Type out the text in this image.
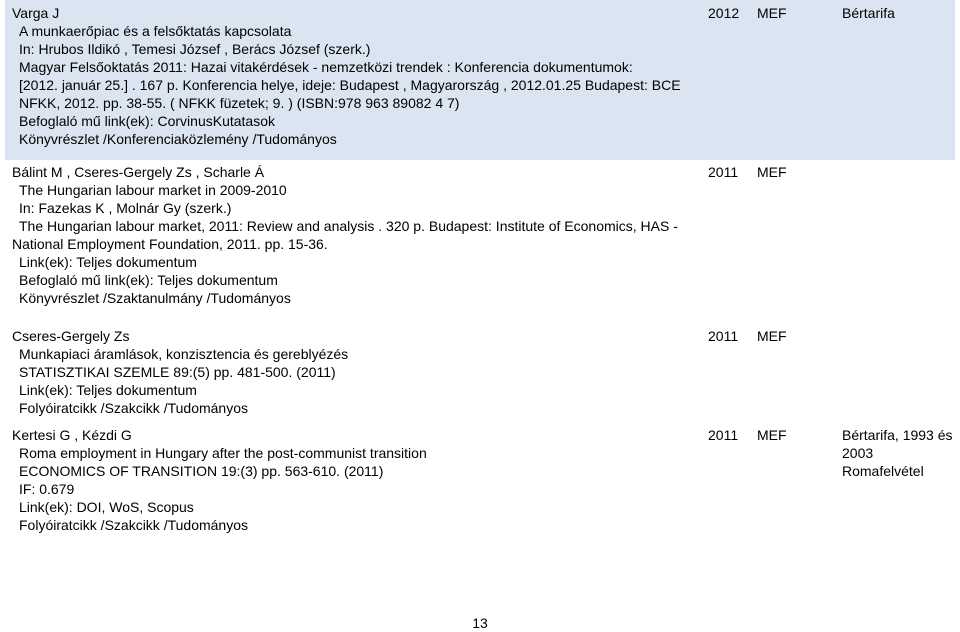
Varga J
A munkaerőpiac és a felsőktatás kapcsolata
In: Hrubos Ildikó , Temesi József , Berács József (szerk.)
Magyar Felsőoktatás 2011: Hazai vitakérdések - nemzetközi trendek : Konferencia dokumentumok:
[2012. január 25.] . 167 p. Konferencia helye, ideje: Budapest , Magyarország , 2012.01.25 Budapest: BCE
NFKK, 2012. pp. 38-55. ( NFKK füzetek; 9. ) (ISBN:978 963 89082 4 7)
Befoglaló mű link(ek): CorvinusKutatasok
Könyvrészlet /Konferenciaközlemény /Tudományos
2012 MEF	Bértarifa
Bálint M , Cseres-Gergely Zs , Scharle Á
The Hungarian labour market in 2009-2010
In: Fazekas K , Molnár Gy (szerk.)
The Hungarian labour market, 2011: Review and analysis . 320 p. Budapest: Institute of Economics, HAS -
National Employment Foundation, 2011. pp. 15-36.
Link(ek): Teljes dokumentum
Befoglaló mű link(ek): Teljes dokumentum
Könyvrészlet /Szaktanulmány /Tudományos
2011 MEF
Cseres-Gergely Zs
Munkapiaci áramlások, konzisztencia és gereblyézés
STATISZTIKAI SZEMLE 89:(5) pp. 481-500. (2011)
Link(ek): Teljes dokumentum
Folyóiratcikk /Szakcikk /Tudományos
2011 MEF
Kertesi G , Kézdi G
Roma employment in Hungary after the post-communist transition
ECONOMICS OF TRANSITION 19:(3) pp. 563-610. (2011)
IF: 0.679
Link(ek): DOI, WoS, Scopus
Folyóiratcikk /Szakcikk /Tudományos
2011 MEF	Bértarifa, 1993 és 2003 Romafelvétel
13
